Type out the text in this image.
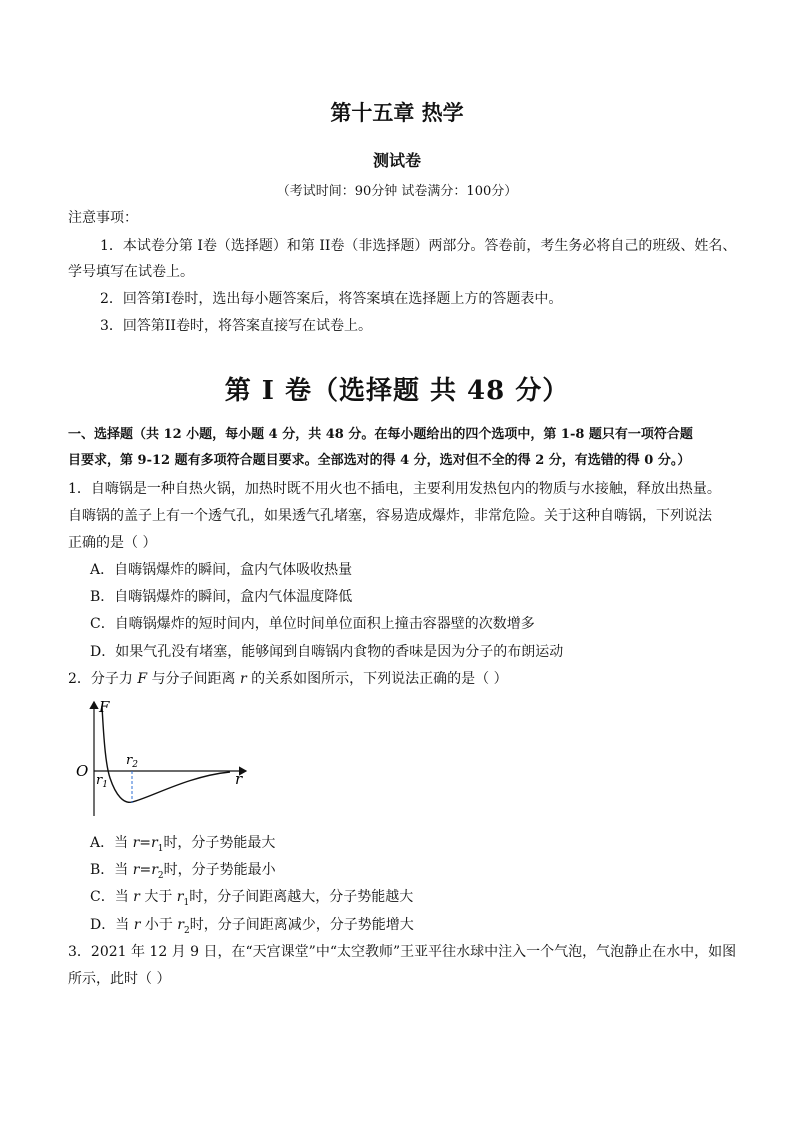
第十五章 热学
测试卷
（考试时间：90分钟 试卷满分：100分）
注意事项：
1．本试卷分第 I卷（选择题）和第 II卷（非选择题）两部分。答卷前，考生务必将自己的班级、姓名、
学号填写在试卷上。
2．回答第I卷时，选出每小题答案后，将答案填在选择题上方的答题表中。
3．回答第II卷时，将答案直接写在试卷上。
第 I 卷（选择题 共 48 分）
一、选择题（共 12 小题，每小题 4 分，共 48 分。在每小题给出的四个选项中，第 1-8 题只有一项符合题
目要求，第 9-12 题有多项符合题目要求。全部选对的得 4 分，选对但不全的得 2 分，有选错的得 0 分。）
1．自嗨锅是一种自热火锅，加热时既不用火也不插电，主要利用发热包内的物质与水接触，释放出热量。
自嗨锅的盖子上有一个透气孔，如果透气孔堵塞，容易造成爆炸，非常危险。关于这种自嗨锅，下列说法
正确的是（ ）
A．自嗨锅爆炸的瞬间，盒内气体吸收热量
B．自嗨锅爆炸的瞬间，盒内气体温度降低
C．自嗨锅爆炸的短时间内，单位时间单位面积上撞击容器壁的次数增多
D．如果气孔没有堵塞，能够闻到自嗨锅内食物的香味是因为分子的布朗运动
2．分子力 F 与分子间距离 r 的关系如图所示，下列说法正确的是（ ）
F
r
O
$r_1$
$r_2$
A．当 $r=r_1$时，分子势能最大
B．当 $r=r_2$时，分子势能最小
C．当 r 大于 $r_1$时，分子间距离越大，分子势能越大
D．当 r 小于 $r_2$时，分子间距离减少，分子势能增大
3．2021 年 12 月 9 日，在“天宫课堂”中“太空教师”王亚平往水球中注入一个气泡，气泡静止在水中，如图
所示，此时（ ）
